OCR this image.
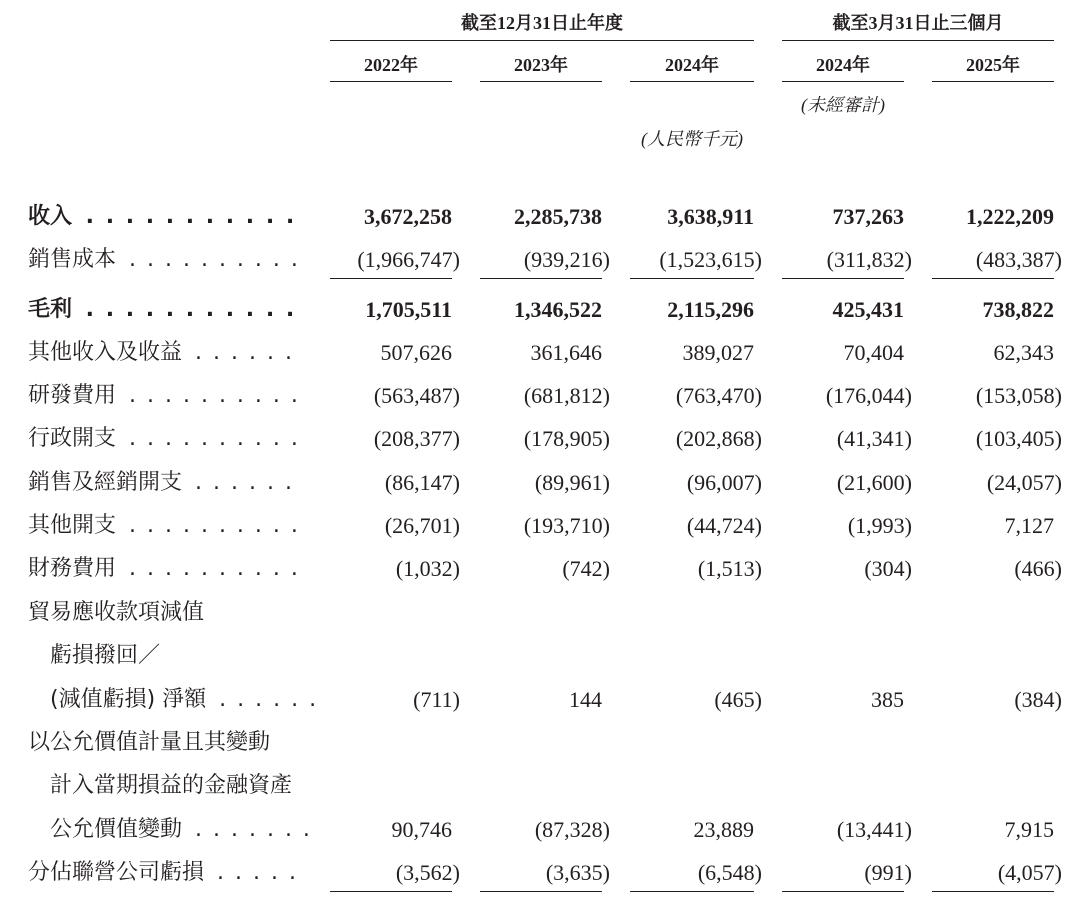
截至12月31日止年度	截至3月31日止三個月
2022年	2023年	2024年	2024年	2025年
(未經審計)
(人民幣千元)
收入 . . .	3,672,258	2,285,738	3,638,911	737,263	1,222,209
銷售成本 . . .	(1,966,747)	(939,216)	(1,523,615)	(311,832)	(483,387)
毛利 . . .	1,705,511	1,346,522	2,115,296	425,431	738,822
其他收入及收益 . . .	507,626	361,646	389,027	70,404	62,343
研發費用 . . .	(563,487)	(681,812)	(763,470)	(176,044)	(153,058)
行政開支 . . .	(208,377)	(178,905)	(202,868)	(41,341)	(103,405)
銷售及經銷開支 . . .	(86,147)	(89,961)	(96,007)	(21,600)	(24,057)
其他開支 . . .	(26,701)	(193,710)	(44,724)	(1,993)	7,127
財務費用 . . .	(1,032)	(742)	(1,513)	(304)	(466)
貿易應收款項減值
虧損撥回／
(減值虧損) 淨額 . . .	(711)	144	(465)	385	(384)
以公允價值計量且其變動
計入當期損益的金融資產
公允價值變動 . . .	90,746	(87,328)	23,889	(13,441)	7,915
分佔聯營公司虧損 . . .	(3,562)	(3,635)	(6,548)	(991)	(4,057)
